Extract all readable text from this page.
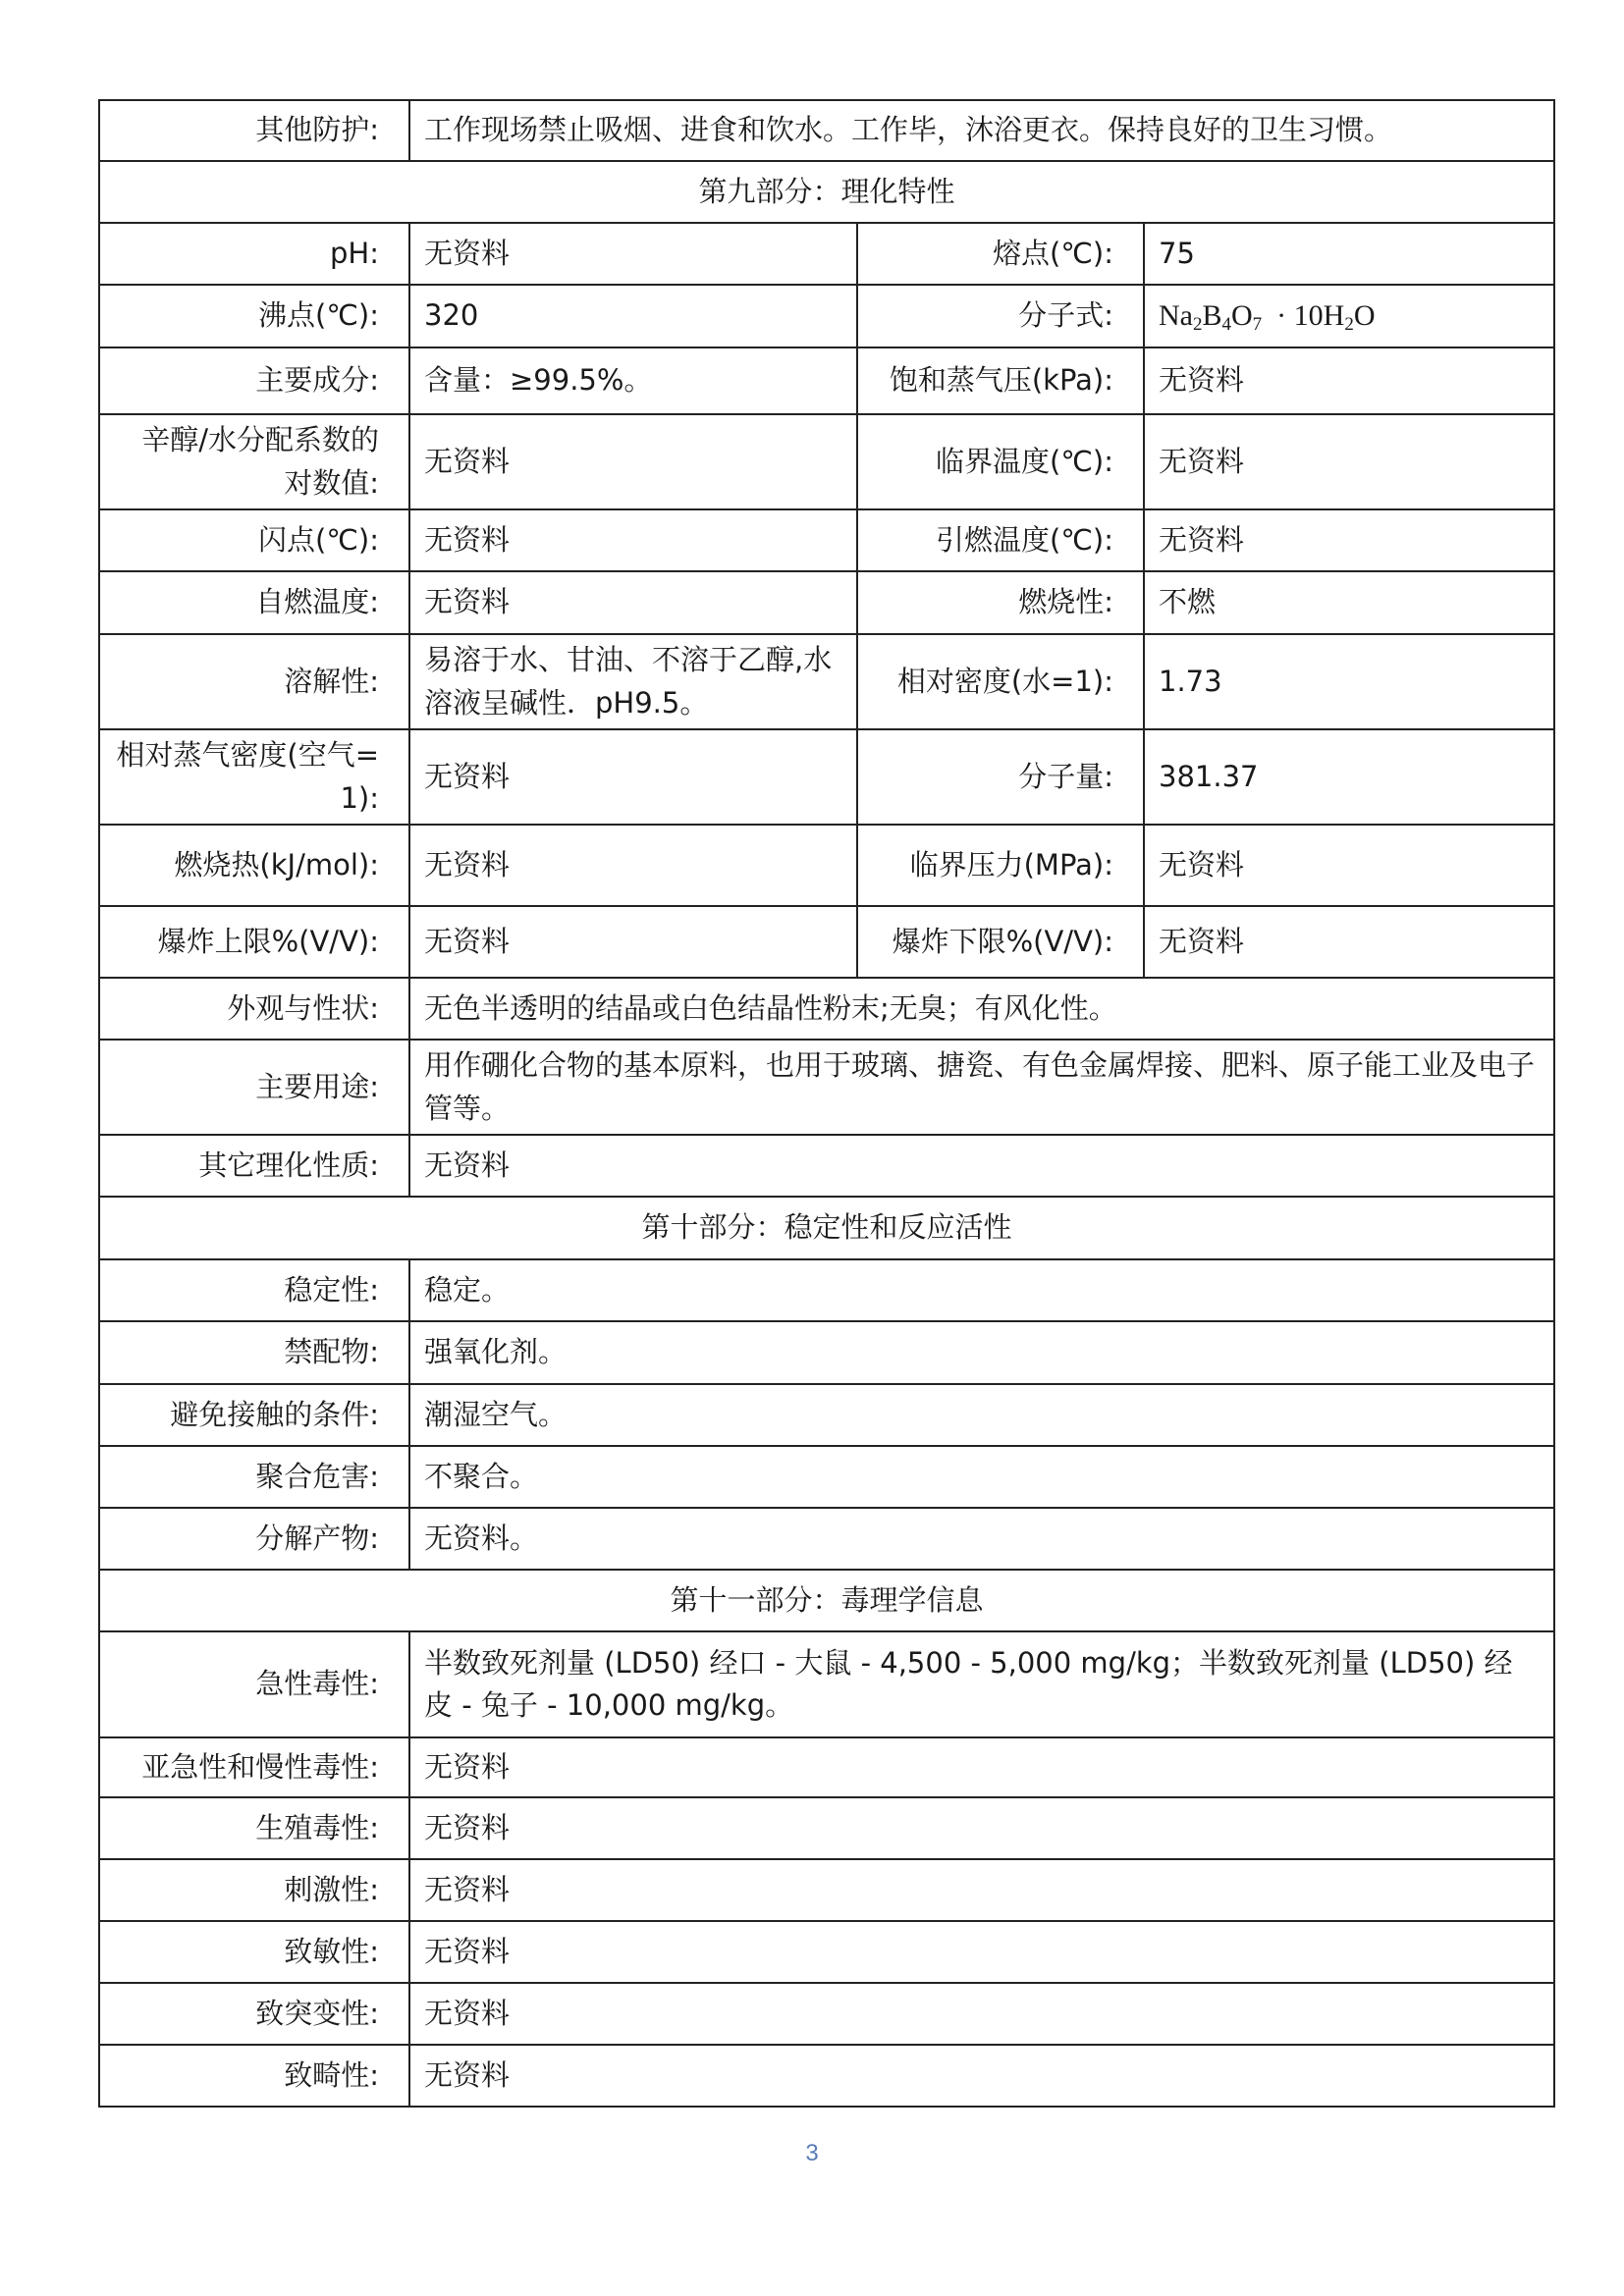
其他防护:	工作现场禁止吸烟、进食和饮水。工作毕，沐浴更衣。保持良好的卫生习惯。		
第九部分：理化特性			
pH:	无资料	熔点(℃):	75
沸点(℃):	320	分子式:	$Na_2B_4O_7 \cdot 10H_2O$
主要成分:	含量：≥99.5%。	饱和蒸气压(kPa):	无资料
辛醇/水分配系数的对数值:	无资料	临界温度(℃):	无资料
闪点(℃):	无资料	引燃温度(℃):	无资料
自燃温度:	无资料	燃烧性:	不燃
溶解性:	易溶于水、甘油、不溶于乙醇,水溶液呈碱性．pH9.5。	相对密度(水=1):	1.73
相对蒸气密度(空气=1):	无资料	分子量:	381.37
燃烧热(kJ/mol):	无资料	临界压力(MPa):	无资料
爆炸上限%(V/V):	无资料	爆炸下限%(V/V):	无资料
外观与性状:	无色半透明的结晶或白色结晶性粉末;无臭；有风化性。		
主要用途:	用作硼化合物的基本原料，也用于玻璃、搪瓷、有色金属焊接、肥料、原子能工业及电子管等。		
其它理化性质:	无资料		
第十部分：稳定性和反应活性			
稳定性:	稳定。		
禁配物:	强氧化剂。		
避免接触的条件:	潮湿空气。		
聚合危害:	不聚合。		
分解产物:	无资料。		
第十一部分：毒理学信息			
急性毒性:	半数致死剂量 (LD50) 经口 - 大鼠 - 4,500 - 5,000 mg/kg；半数致死剂量 (LD50) 经皮 - 兔子 - 10,000 mg/kg。		
亚急性和慢性毒性:	无资料		
生殖毒性:	无资料		
刺激性:	无资料		
致敏性:	无资料		
致突变性:	无资料		
致畸性:	无资料		
3
